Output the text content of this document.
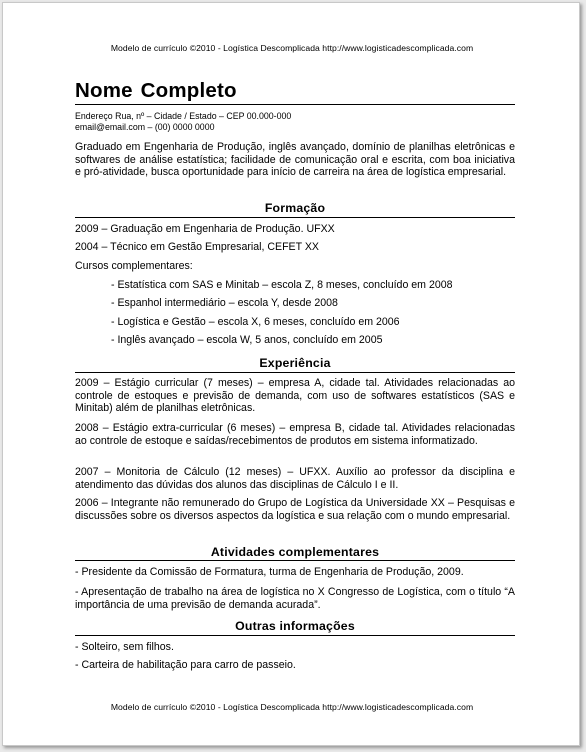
Modelo de currículo ©2010 - Logística Descomplicada http://www.logisticadescomplicada.com
Nome Completo
Endereço Rua, nº – Cidade / Estado – CEP 00.000-000
email@email.com – (00) 0000 0000
Graduado em Engenharia de Produção, inglês avançado, domínio de planilhas eletrônicas e softwares de análise estatística; facilidade de comunicação oral e escrita, com boa iniciativa e pró-atividade, busca oportunidade para início de carreira na área de logística empresarial.
Formação
2009 – Graduação em Engenharia de Produção. UFXX
2004 – Técnico em Gestão Empresarial, CEFET XX
Cursos complementares:
- Estatística com SAS e Minitab – escola Z, 8 meses, concluído em 2008
- Espanhol intermediário – escola Y, desde 2008
- Logística e Gestão – escola X, 6 meses, concluído em 2006
- Inglês avançado – escola W, 5 anos, concluído em 2005
Experiência
2009 – Estágio curricular (7 meses) – empresa A, cidade tal. Atividades relacionadas ao controle de estoques e previsão de demanda, com uso de softwares estatísticos (SAS e Minitab) além de planilhas eletrônicas.
2008 – Estágio extra-curricular (6 meses) – empresa B, cidade tal. Atividades relacionadas ao controle de estoque e saídas/recebimentos de produtos em sistema informatizado.
2007 – Monitoria de Cálculo (12 meses) – UFXX. Auxílio ao professor da disciplina e atendimento das dúvidas dos alunos das disciplinas de Cálculo I e II.
2006 – Integrante não remunerado do Grupo de Logística da Universidade XX – Pesquisas e discussões sobre os diversos aspectos da logística e sua relação com o mundo empresarial.
Atividades complementares
- Presidente da Comissão de Formatura, turma de Engenharia de Produção, 2009.
- Apresentação de trabalho na área de logística no X Congresso de Logística, com o título “A importância de uma previsão de demanda acurada”.
Outras informações
- Solteiro, sem filhos.
- Carteira de habilitação para carro de passeio.
Modelo de currículo ©2010 - Logística Descomplicada http://www.logisticadescomplicada.com
